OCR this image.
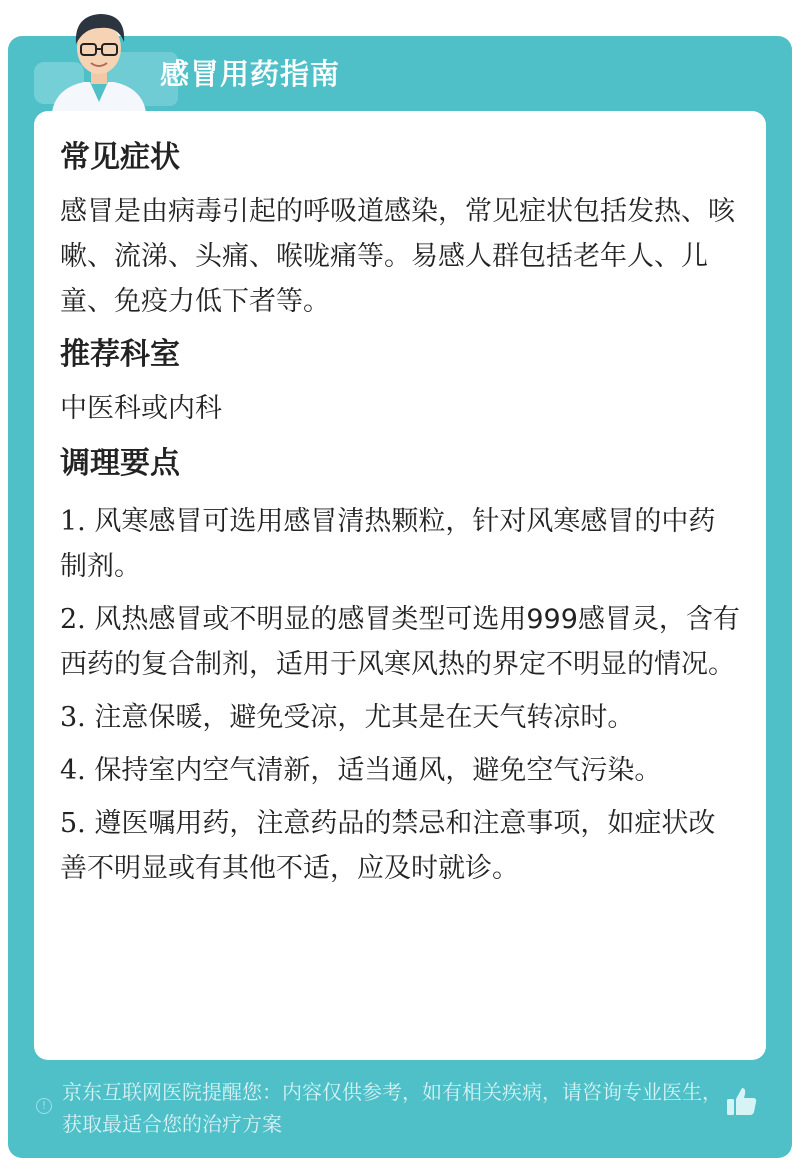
感冒用药指南
常见症状

感冒是由病毒引起的呼吸道感染，常见症状包括发热、咳嗽、流涕、头痛、喉咙痛等。易感人群包括老年人、儿童、免疫力低下者等。

推荐科室

中医科或内科

调理要点

1. 风寒感冒可选用感冒清热颗粒，针对风寒感冒的中药制剂。

2. 风热感冒或不明显的感冒类型可选用999感冒灵，含有西药的复合制剂，适用于风寒风热的界定不明显的情况。

3. 注意保暖，避免受凉，尤其是在天气转凉时。

4. 保持室内空气清新，适当通风，避免空气污染。

5. 遵医嘱用药，注意药品的禁忌和注意事项，如症状改善不明显或有其他不适，应及时就诊。

!
京东互联网医院提醒您：内容仅供参考，如有相关疾病，请咨询专业医生，获取最适合您的治疗方案
